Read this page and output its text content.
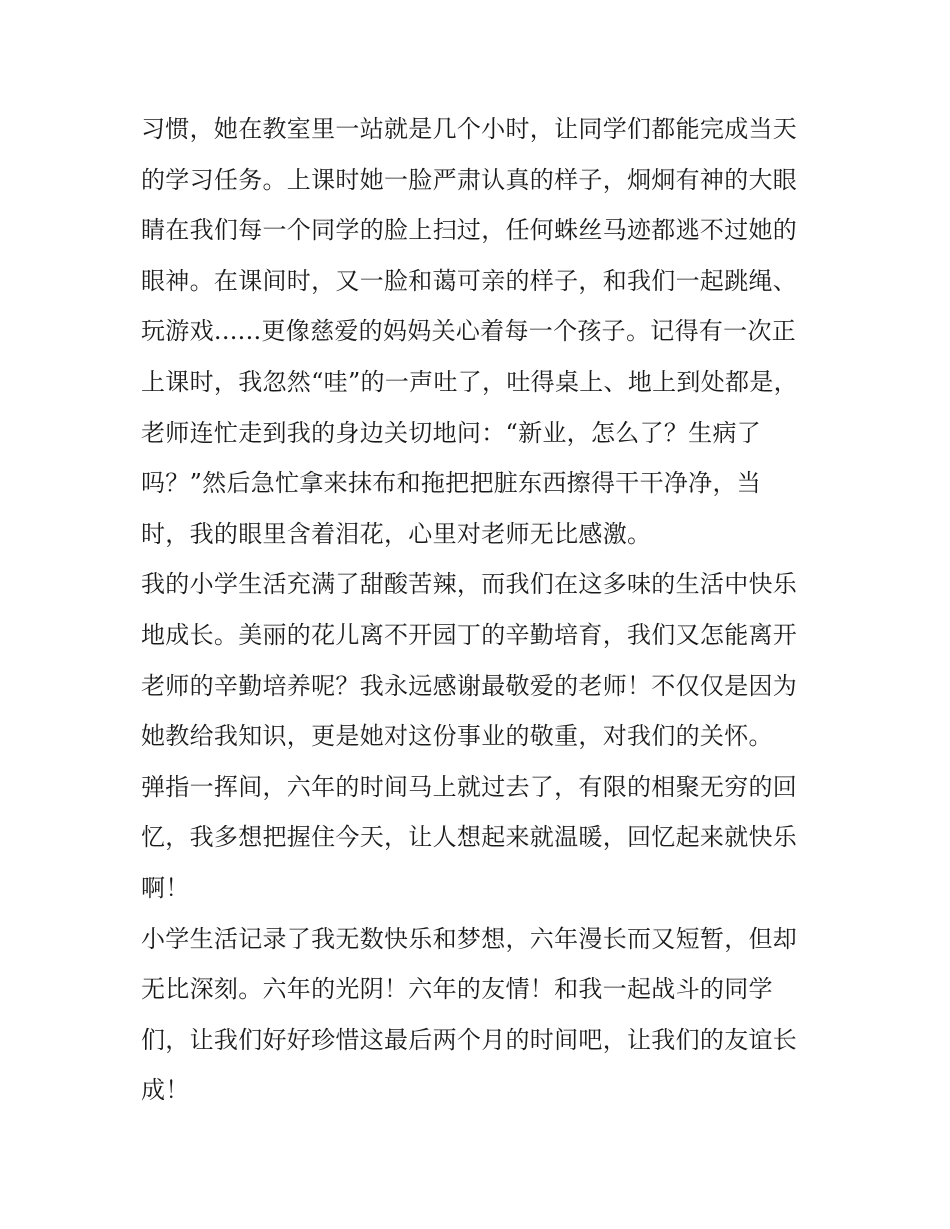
习惯，她在教室里一站就是几个小时，让同学们都能完成当天
的学习任务。上课时她一脸严肃认真的样子，炯炯有神的大眼
睛在我们每一个同学的脸上扫过，任何蛛丝马迹都逃不过她的
眼神。在课间时，又一脸和蔼可亲的样子，和我们一起跳绳、
玩游戏......更像慈爱的妈妈关心着每一个孩子。记得有一次正
上课时，我忽然“哇”的一声吐了，吐得桌上、地上到处都是，
老师连忙走到我的身边关切地问：“新业，怎么了？生病了
吗？”然后急忙拿来抹布和拖把把脏东西擦得干干净净，当
时，我的眼里含着泪花，心里对老师无比感激。
我的小学生活充满了甜酸苦辣，而我们在这多味的生活中快乐
地成长。美丽的花儿离不开园丁的辛勤培育，我们又怎能离开
老师的辛勤培养呢？我永远感谢最敬爱的老师！不仅仅是因为
她教给我知识，更是她对这份事业的敬重，对我们的关怀。
弹指一挥间，六年的时间马上就过去了，有限的相聚无穷的回
忆，我多想把握住今天，让人想起来就温暖，回忆起来就快乐
啊！
小学生活记录了我无数快乐和梦想，六年漫长而又短暂，但却
无比深刻。六年的光阴！六年的友情！和我一起战斗的同学
们，让我们好好珍惜这最后两个月的时间吧，让我们的友谊长
成！
